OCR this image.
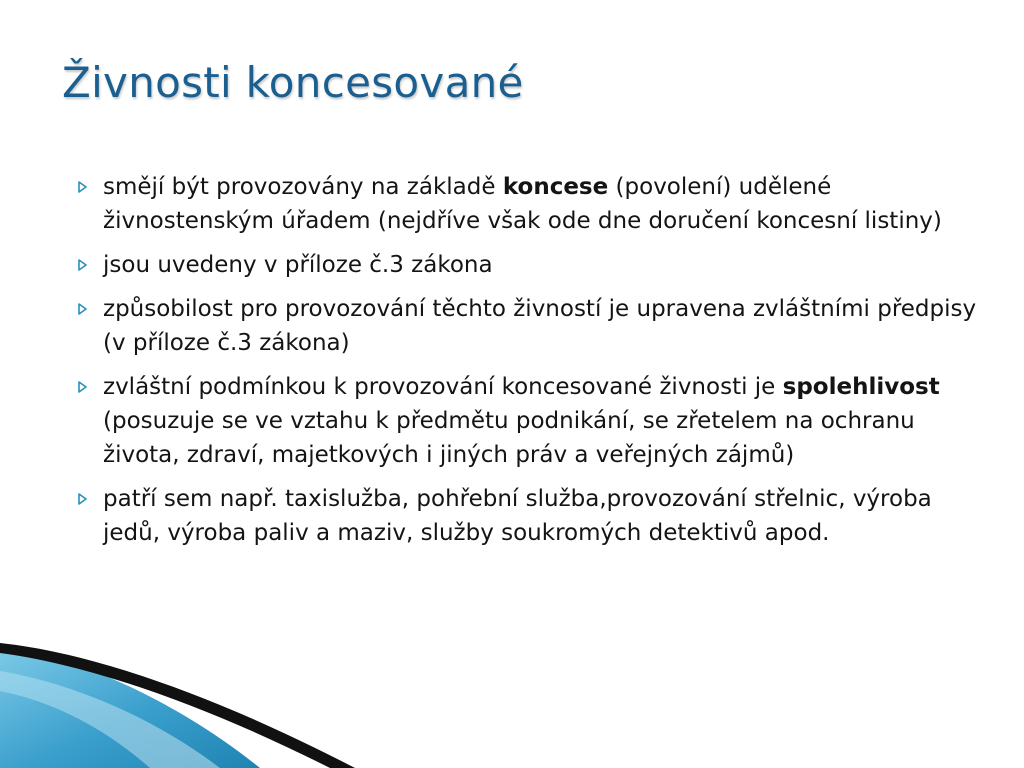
Živnosti koncesované
smějí být provozovány na základě koncese (povolení) udělené živnostenským úřadem (nejdříve však ode dne doručení koncesní listiny)
jsou uvedeny v příloze č.3 zákona
způsobilost pro provozování těchto živností je upravena zvláštními předpisy (v příloze č.3 zákona)
zvláštní podmínkou k provozování koncesované živnosti je spolehlivost (posuzuje se ve vztahu k předmětu podnikání, se zřetelem na ochranu života, zdraví, majetkových i jiných práv a veřejných zájmů)
patří sem např. taxislužba, pohřební služba,provozování střelnic, výroba jedů, výroba paliv a maziv, služby soukromých detektivů apod.
